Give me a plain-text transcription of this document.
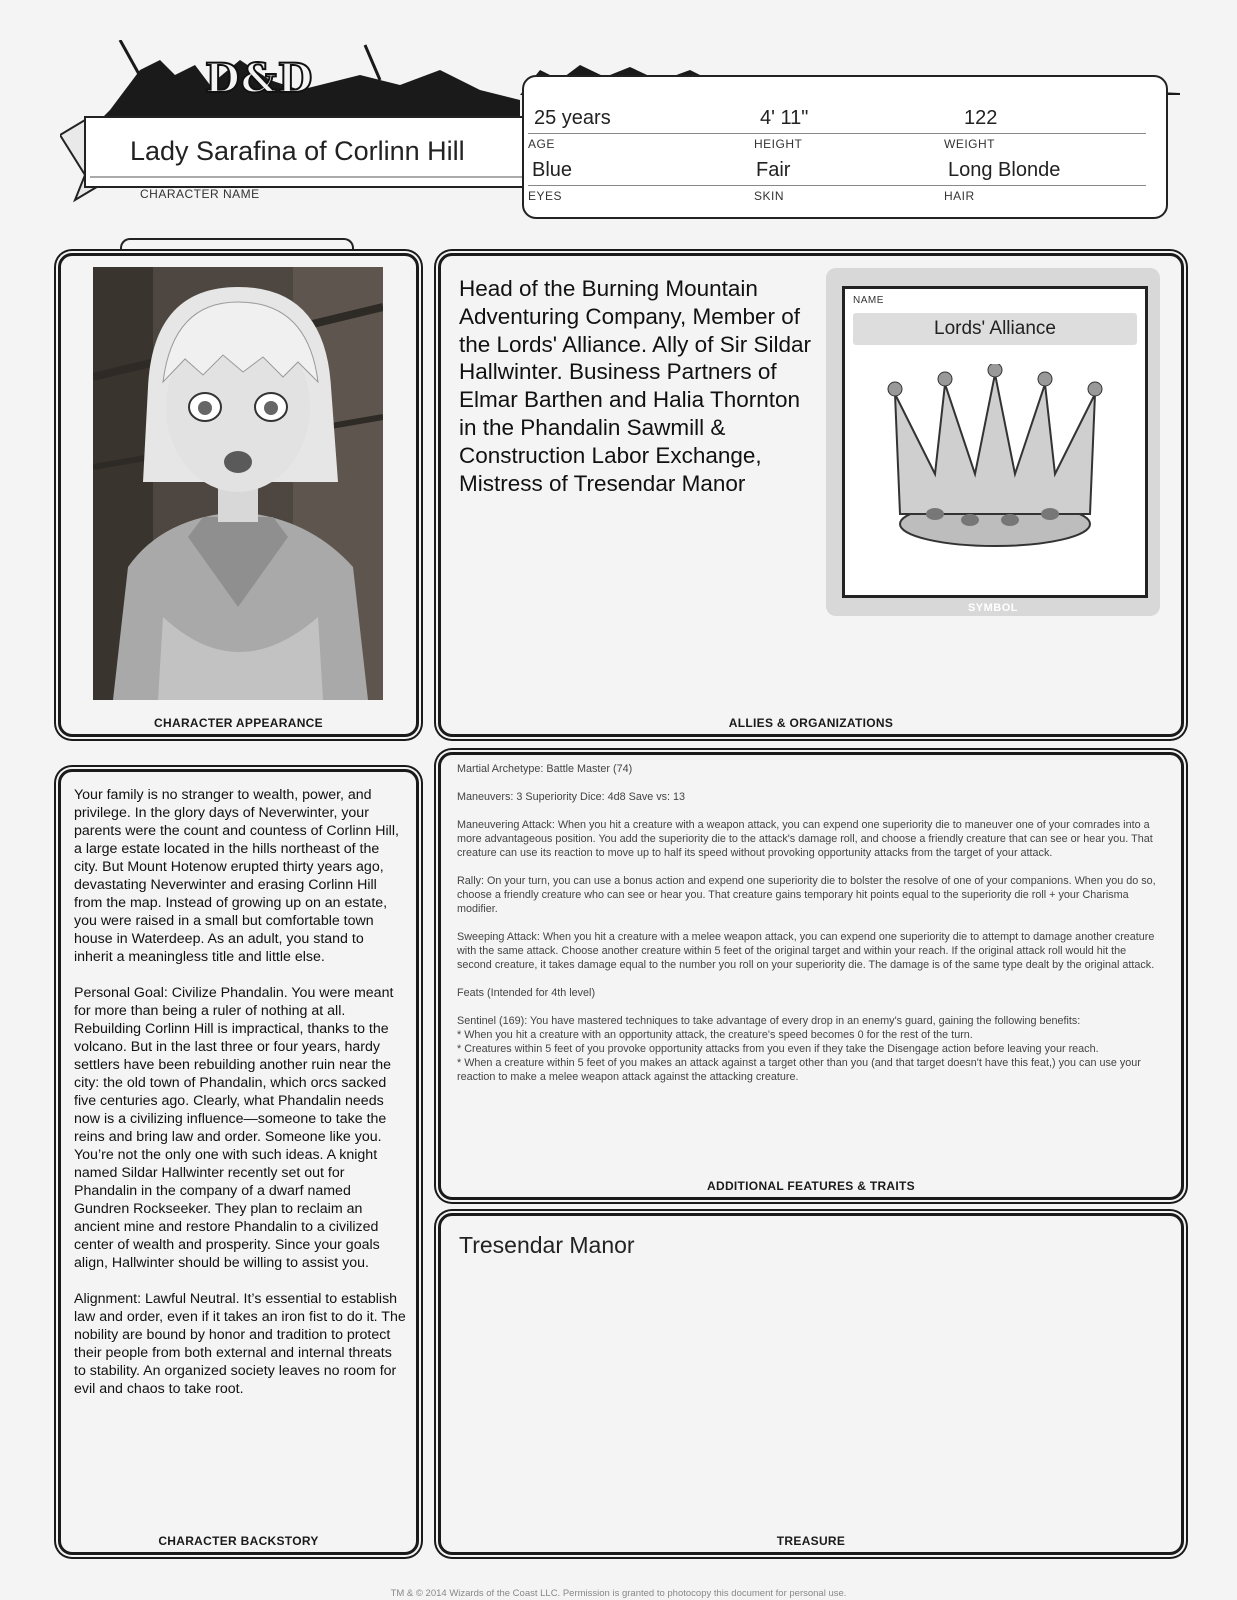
D&D
Lady Sarafina of Corlinn Hill
CHARACTER NAME
25 years	4' 11"	122
AGE	HEIGHT	WEIGHT
Blue	Fair	Long Blonde
EYES	SKIN	HAIR
CHARACTER APPEARANCE	ALLIES & ORGANIZATIONS
Head of the Burning Mountain Adventuring Company, Member of the Lords' Alliance. Ally of Sir Sildar Hallwinter. Business Partners of Elmar Barthen and Halia Thornton in the Phandalin Sawmill & Construction Labor Exchange, Mistress of Tresendar Manor
NAME
Lords' Alliance
SYMBOL
CHARACTER BACKSTORY

Your family is no stranger to wealth, power, and privilege. In the glory days of Neverwinter, your parents were the count and countess of Corlinn Hill, a large estate located in the hills northeast of the city. But Mount Hotenow erupted thirty years ago, devastating Neverwinter and erasing Corlinn Hill from the map. Instead of growing up on an estate, you were raised in a small but comfortable town house in Waterdeep. As an adult, you stand to inherit a meaningless title and little else.

Personal Goal: Civilize Phandalin. You were meant for more than being a ruler of nothing at all. Rebuilding Corlinn Hill is impractical, thanks to the volcano. But in the last three or four years, hardy settlers have been rebuilding another ruin near the city: the old town of Phandalin, which orcs sacked five centuries ago. Clearly, what Phandalin needs now is a civilizing influence—someone to take the reins and bring law and order. Someone like you. You’re not the only one with such ideas. A knight named Sildar Hallwinter recently set out for Phandalin in the company of a dwarf named Gundren Rockseeker. They plan to reclaim an ancient mine and restore Phandalin to a civilized center of wealth and prosperity. Since your goals align, Hallwinter should be willing to assist you.

Alignment: Lawful Neutral. It’s essential to establish law and order, even if it takes an iron fist to do it. The nobility are bound by honor and tradition to protect their people from both external and internal threats to stability. An organized society leaves no room for evil and chaos to take root.

ADDITIONAL FEATURES & TRAITS

Martial Archetype: Battle Master (74)

Maneuvers: 3 Superiority Dice: 4d8 Save vs: 13

Maneuvering Attack: When you hit a creature with a weapon attack, you can expend one superiority die to maneuver one of your comrades into a more advantageous position. You add the superiority die to the attack's damage roll, and choose a friendly creature that can see or hear you. That creature can use its reaction to move up to half its speed without provoking opportunity attacks from the target of your attack.

Rally: On your turn, you can use a bonus action and expend one superiority die to bolster the resolve of one of your companions. When you do so, choose a friendly creature who can see or hear you. That creature gains temporary hit points equal to the superiority die roll + your Charisma modifier.

Sweeping Attack: When you hit a creature with a melee weapon attack, you can expend one superiority die to attempt to damage another creature with the same attack. Choose another creature within 5 feet of the original target and within your reach. If the original attack roll would hit the second creature, it takes damage equal to the number you roll on your superiority die. The damage is of the same type dealt by the original attack.

Feats (Intended for 4th level)

Sentinel (169): You have mastered techniques to take advantage of every drop in an enemy's guard, gaining the following benefits:
* When you hit a creature with an opportunity attack, the creature's speed becomes 0 for the rest of the turn.
* Creatures within 5 feet of you provoke opportunity attacks from you even if they take the Disengage action before leaving your reach.
* When a creature within 5 feet of you makes an attack against a target other than you (and that target doesn't have this feat,) you can use your reaction to make a melee weapon attack against the attacking creature.

Tresendar Manor
TREASURE
TM & © 2014 Wizards of the Coast LLC. Permission is granted to photocopy this document for personal use.
